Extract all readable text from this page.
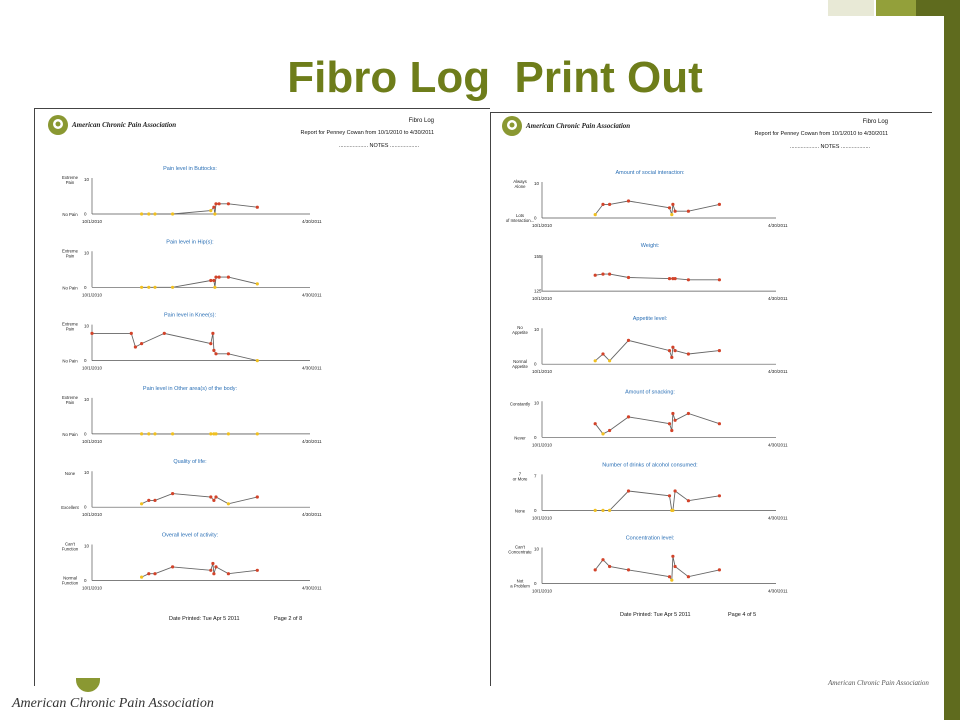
Fibro Log  Print Out
American Chronic Pain Association	Fibro Log
Report for Penney Cowan from 10/1/2010 to 4/30/2011
................... NOTES ...................
Pain level in Buttocks:
10
0
Extreme Pain
No Pain
10/1/2010	4/30/2011
Pain level in Hip(s):
10
0
Extreme Pain
No Pain
10/1/2010	4/30/2011
Pain level in Knee(s):
10
0
Extreme Pain
No Pain
10/1/2010	4/30/2011
Pain level in Other area(s) of the body:
10
0
Extreme Pain
No Pain
10/1/2010	4/30/2011
Quality of life:
10
0
None
Excellent
10/1/2010	4/30/2011
Overall level of activity:
10
0
Can't Function
Normal Function
10/1/2010	4/30/2011
Date Printed: Tue Apr 5 2011	Page 2 of 8
American Chronic Pain Association	Fibro Log
Report for Penney Cowan from 10/1/2010 to 4/30/2011
................... NOTES ...................
Amount of social interaction:
10
0
Always Alone
Lots of Interaction...
10/1/2010	4/30/2011
Weight:
155
125
10/1/2010	4/30/2011
Appetite level:
10
0
No Appetite
Normal Appetite
10/1/2010	4/30/2011
Amount of snacking:
10
0
Constantly
Never
10/1/2010	4/30/2011
Number of drinks of alcohol consumed:
7
0
7 or More
None
10/1/2010	4/30/2011
Concentration level:
10
0
Can't Concentrate
Not a Problem
10/1/2010	4/30/2011
Date Printed: Tue Apr 5 2011	Page 4 of 5
American Chronic Pain Association
American Chronic Pain Association
